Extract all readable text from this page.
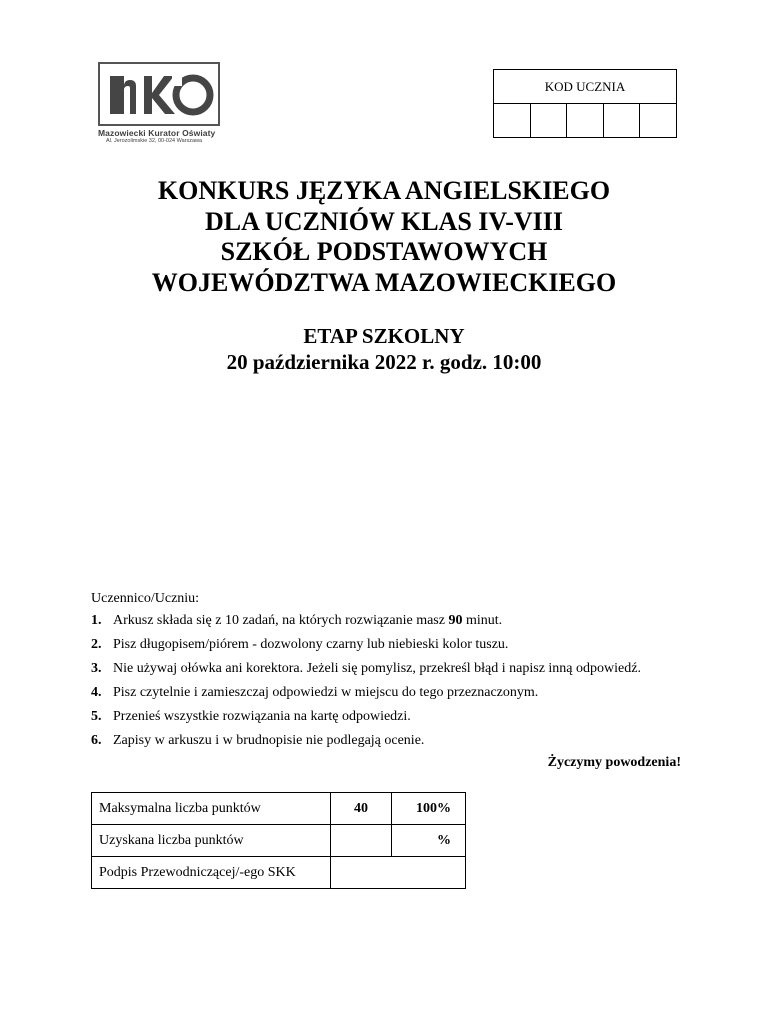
Mazowiecki Kurator Oświaty
Al. Jerozolimskie 32, 00-024 Warszawa
KOD UCZNIA

KONKURS JĘZYKA ANGIELSKIEGO
DLA UCZNIÓW KLAS IV-VIII
SZKÓŁ PODSTAWOWYCH
WOJEWÓDZTWA MAZOWIECKIEGO
ETAP SZKOLNY
20 października 2022 r. godz. 10:00
Uczennico/Uczniu:
1. Arkusz składa się z 10 zadań, na których rozwiązanie masz 90 minut.
2. Pisz długopisem/piórem - dozwolony czarny lub niebieski kolor tuszu.
3. Nie używaj ołówka ani korektora. Jeżeli się pomylisz, przekreśl błąd i napisz inną odpowiedź.
4. Pisz czytelnie i zamieszczaj odpowiedzi w miejscu do tego przeznaczonym.
5. Przenieś wszystkie rozwiązania na kartę odpowiedzi.
6. Zapisy w arkuszu i w brudnopisie nie podlegają ocenie.
Życzymy powodzenia!
Maksymalna liczba punktów	40	100%
Uzyskana liczba punktów		%
Podpis Przewodniczącej/-ego SKK		
